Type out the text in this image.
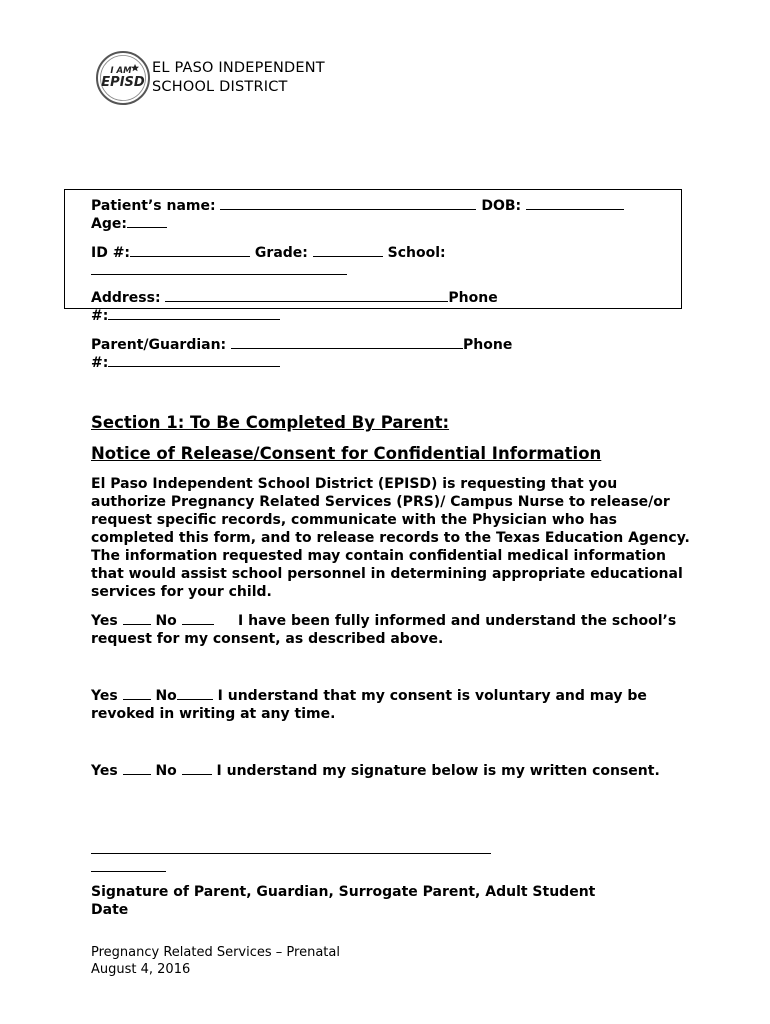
I AM
EPISD
EL PASO INDEPENDENT
SCHOOL DISTRICT
Patient’s name:	DOB:
Age:
ID #:	Grade:	School:
Address:	Phone
#:
Parent/Guardian:	Phone
#:
Section 1: To Be Completed By Parent:
Notice of Release/Consent for Confidential Information
El Paso Independent School District (EPISD) is requesting that you authorize Pregnancy Related Services (PRS)/ Campus Nurse to release/or request specific records, communicate with the Physician who has completed this form, and to release records to the Texas Education Agency. The information requested may contain confidential medical information that would assist school personnel in determining appropriate educational services for your child.
Yes	No	I have been fully informed and understand the school’s request for my consent, as described above.
Yes	No	I understand that my consent is voluntary and may be revoked in writing at any time.
Yes	No	I understand my signature below is my written consent.
Signature of Parent, Guardian, Surrogate Parent, Adult Student
Date
Pregnancy Related Services – Prenatal
August 4, 2016
